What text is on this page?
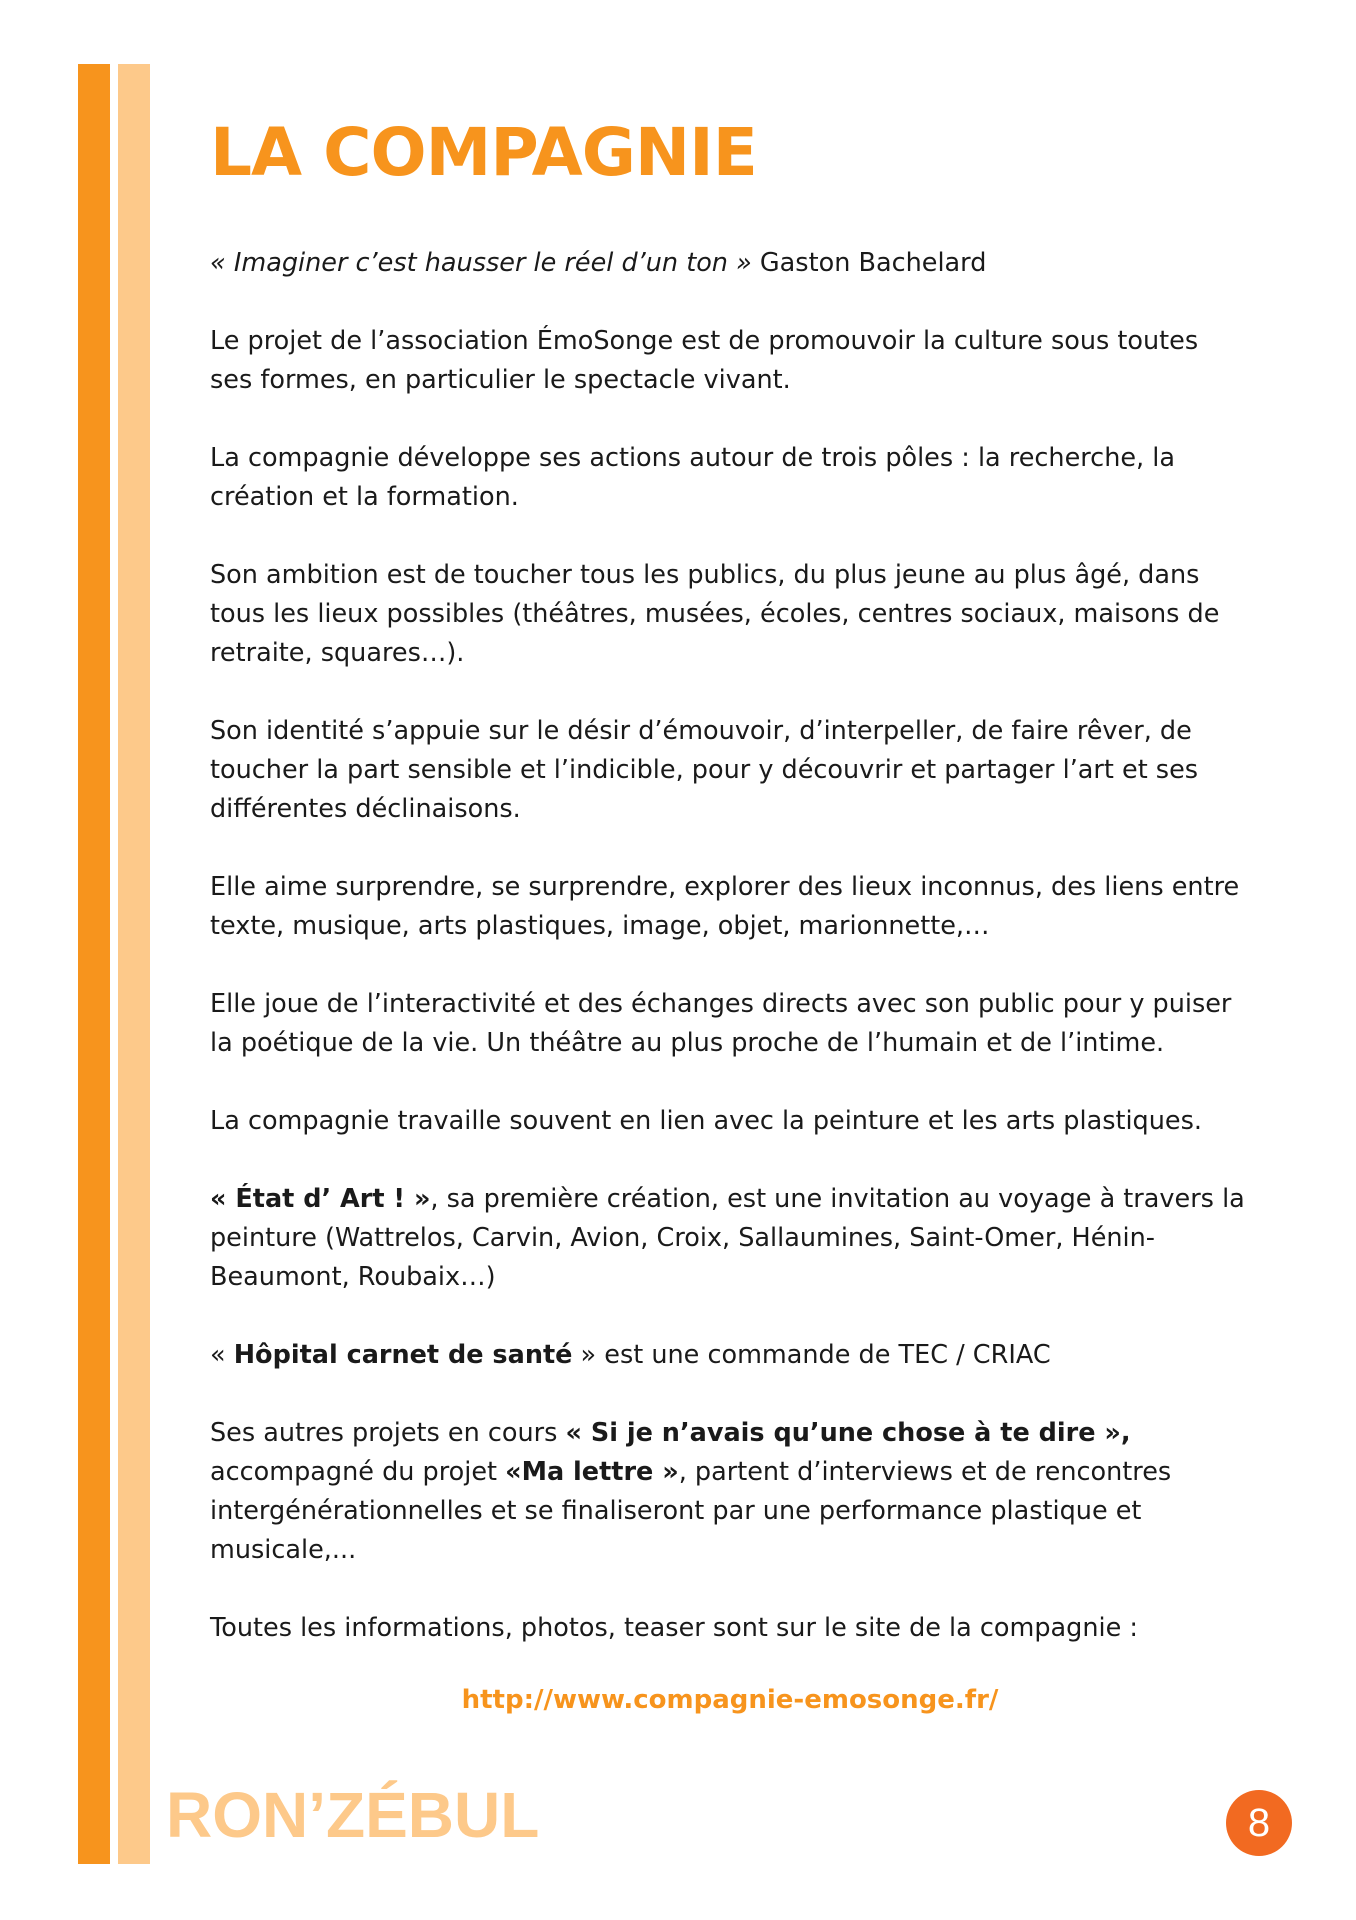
LA COMPAGNIE

« Imaginer c’est hausser le réel d’un ton » Gaston Bachelard

Le projet de l’association ÉmoSonge est de promouvoir la culture sous toutes
ses formes, en particulier le spectacle vivant.

La compagnie développe ses actions autour de trois pôles : la recherche, la
création et la formation.

Son ambition est de toucher tous les publics, du plus jeune au plus âgé, dans
tous les lieux possibles (théâtres, musées, écoles, centres sociaux, maisons de
retraite, squares…).

Son identité s’appuie sur le désir d’émouvoir, d’interpeller, de faire rêver, de
toucher la part sensible et l’indicible, pour y découvrir et partager l’art et ses
différentes déclinaisons.

Elle aime surprendre, se surprendre, explorer des lieux inconnus, des liens entre
texte, musique, arts plastiques, image, objet, marionnette,…

Elle joue de l’interactivité et des échanges directs avec son public pour y puiser
la poétique de la vie. Un théâtre au plus proche de l’humain et de l’intime.

La compagnie travaille souvent en lien avec la peinture et les arts plastiques.

« État d’ Art ! », sa première création, est une invitation au voyage à travers la
peinture (Wattrelos, Carvin, Avion, Croix, Sallaumines, Saint-Omer, Hénin-
Beaumont, Roubaix…)

« Hôpital carnet de santé » est une commande de TEC / CRIAC

Ses autres projets en cours « Si je n’avais qu’une chose à te dire »,
accompagné du projet «Ma lettre », partent d’interviews et de rencontres
intergénérationnelles et se finaliseront par une performance plastique et
musicale,...

Toutes les informations, photos, teaser sont sur le site de la compagnie :

http://www.compagnie-emosonge.fr/
RON’ZÉBUL	8
